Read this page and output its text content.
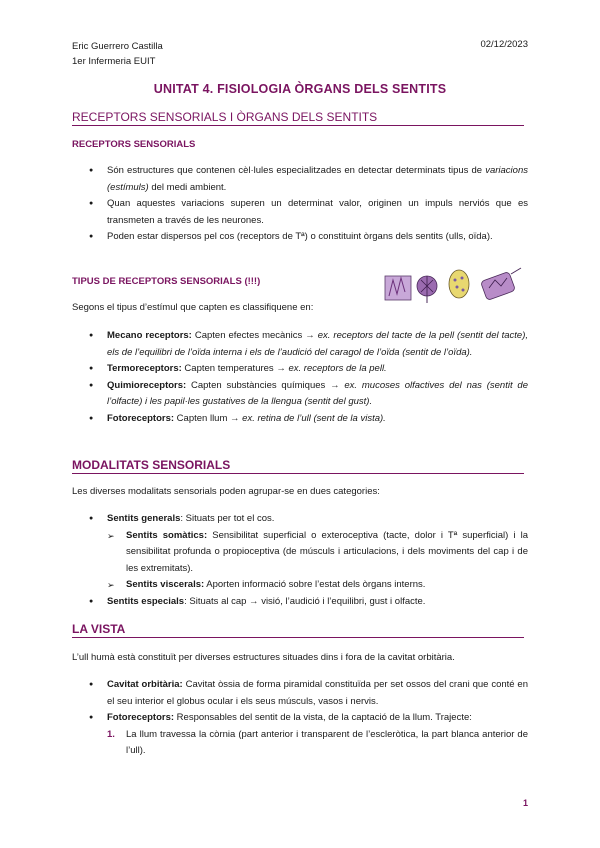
Eric Guerrero Castilla
1er Infermeria EUIT
02/12/2023
UNITAT 4. FISIOLOGIA ÒRGANS DELS SENTITS
RECEPTORS SENSORIALS I ÒRGANS DELS SENTITS
RECEPTORS SENSORIALS
● Són estructures que contenen cèl·lules especialitzades en detectar determinats tipus de variacions (estímuls) del medi ambient.
● Quan aquestes variacions superen un determinat valor, originen un impuls nerviós que es transmeten a través de les neurones.
● Poden estar dispersos pel cos (receptors de Tª) o constituint òrgans dels sentits (ulls, oïda).
TIPUS DE RECEPTORS SENSORIALS (!!!)
Segons el tipus d’estímul que capten es classifiquene en:
● Mecano receptors: Capten efectes mecànics → ex. receptors del tacte de la pell (sentit del tacte), els de l’equilibri de l’oïda interna i els de l’audició del caragol de l’oïda (sentit de l’oïda).
● Termoreceptors: Capten temperatures → ex. receptors de la pell.
● Quimioreceptors: Capten substàncies químiques → ex. mucoses olfactives del nas (sentit de l’olfacte) i les papil·les gustatives de la llengua (sentit del gust).
● Fotoreceptors: Capten llum → ex. retina de l’ull (sent de la vista).
MODALITATS SENSORIALS
Les diverses modalitats sensorials poden agrupar-se en dues categories:
● Sentits generals: Situats per tot el cos.
➢ Sentits somàtics: Sensibilitat superficial o exteroceptiva (tacte, dolor i Tª superficial) i la sensibilitat profunda o propioceptiva (de músculs i articulacions, i dels moviments del cap i de les extremitats).
➢ Sentits viscerals: Aporten informació sobre l’estat dels òrgans interns.
● Sentits especials: Situats al cap → visió, l’audició i l’equilibri, gust i olfacte.
LA VISTA
L’ull humà està constituït per diverses estructures situades dins i fora de la cavitat orbitària.
● Cavitat orbitària: Cavitat òssia de forma piramidal constituïda per set ossos del crani que conté en el seu interior el globus ocular i els seus músculs, vasos i nervis.
● Fotoreceptors: Responsables del sentit de la vista, de la captació de la llum. Trajecte:
1. La llum travessa la còrnia (part anterior i transparent de l’escleròtica, la part blanca anterior de l’ull).
1
